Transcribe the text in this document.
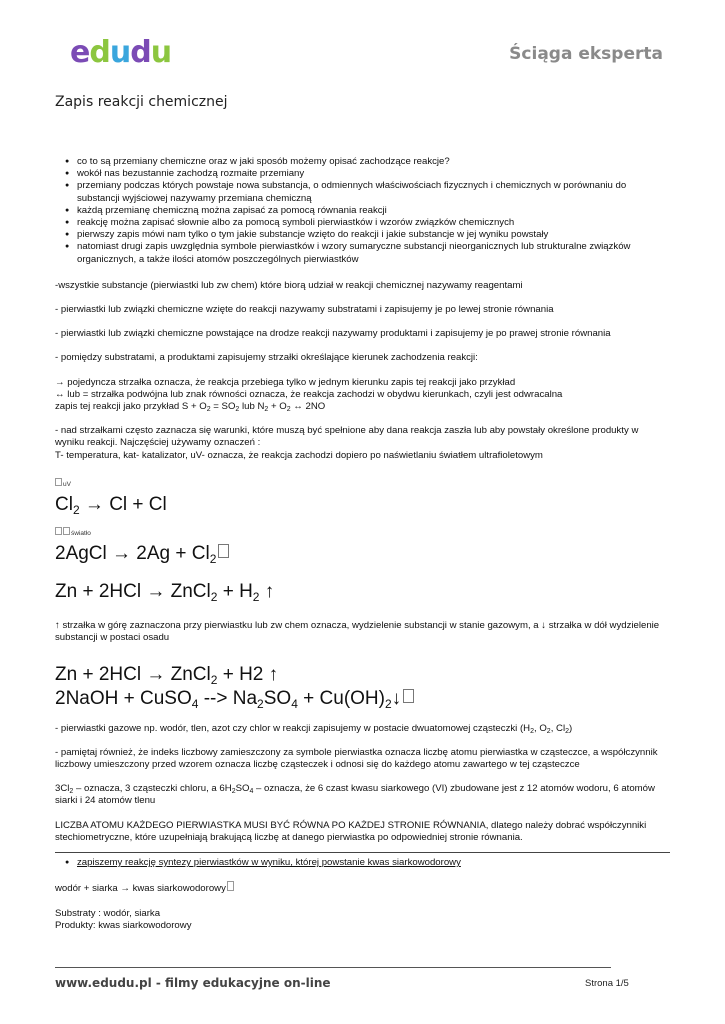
edudu	Ściąga eksperta
Zapis reakcji chemicznej
● co to są przemiany chemiczne oraz w jaki sposób możemy opisać zachodzące reakcje?
● wokół nas bezustannie zachodzą rozmaite przemiany
● przemiany podczas których powstaje nowa substancja, o odmiennych właściwościach fizycznych i chemicznych w porównaniu do substancji wyjściowej nazywamy przemiana chemiczną
● każdą przemianę chemiczną można zapisać za pomocą równania reakcji
● reakcję można zapisać słownie albo za pomocą symboli pierwiastków i wzorów związków chemicznych
● pierwszy zapis mówi nam tylko o tym jakie substancje wzięto do reakcji i jakie substancje w jej wyniku powstały
● natomiast drugi zapis uwzględnia symbole pierwiastków i wzory sumaryczne substancji nieorganicznych lub strukturalne związków organicznych, a także ilości atomów poszczególnych pierwiastków

-wszystkie substancje (pierwiastki lub zw chem) które biorą udział w reakcji chemicznej nazywamy reagentami

- pierwiastki lub związki chemiczne wzięte do reakcji nazywamy substratami i zapisujemy je po lewej stronie równania

- pierwiastki lub związki chemiczne powstające na drodze reakcji nazywamy produktami i zapisujemy je po prawej stronie równania

- pomiędzy substratami, a produktami zapisujemy strzałki określające kierunek zachodzenia reakcji:

→ pojedyncza strzałka oznacza, że reakcja przebiega tylko w jednym kierunku zapis tej reakcji jako przykład
↔ lub = strzałka podwójna lub znak równości oznacza, że reakcja zachodzi w obydwu kierunkach, czyli jest odwracalna
zapis tej reakcji jako przykład $S + O_2 = SO_2$ lub $N_2 + O_2$ ↔ 2NO
- nad strzałkami często zaznacza się warunki, które muszą być spełnione aby dana reakcja zaszła lub aby powstały określone produkty w wyniku reakcji. Najczęściej używamy oznaczeń :
T- temperatura, kat- katalizator, uV- oznacza, że reakcja zachodzi dopiero po naświetlaniu światłem ultrafioletowym
uV
$Cl_2 \to Cl + Cl$
światło
2AgCl → $2Ag + Cl_2$
Zn + 2HCl → ZnCl$_2$ + $H_2$ ↑

↑ strzałka w górę zaznaczona przy pierwiastku lub zw chem oznacza, wydzielenie substancji w stanie gazowym, a ↓ strzałka w dół wydzielenie substancji w postaci osadu

Zn + 2HCl → ZnCl$_2$ + H2 ↑
2NaOH + CuSO$_4$ --> $Na_2SO_4$ + $Cu(OH)_2↓$

- pierwiastki gazowe np. wodór, tlen, azot czy chlor w reakcji zapisujemy w postacie dwuatomowej cząsteczki ($H_2$, $O_2$, $Cl_2$)

- pamiętaj również, że indeks liczbowy zamieszczony za symbole pierwiastka oznacza liczbę atomu pierwiastka w cząsteczce, a współczynnik liczbowy umieszczony przed wzorem oznacza liczbę cząsteczek i odnosi się do każdego atomu zawartego w tej cząsteczce

$3Cl_2$ – oznacza, 3 cząsteczki chloru, a $6H_2SO_4$ – oznacza, że 6 czast kwasu siarkowego (VI) zbudowane jest z 12 atomów wodoru, 6 atomów siarki i 24 atomów tlenu

LICZBA ATOMU KAŻDEGO PIERWIASTKA MUSI BYĆ RÓWNA PO KAŻDEJ STRONIE RÓWNANIA, dlatego należy dobrać współczynniki stechiometryczne, które uzupełniają brakującą liczbę at danego pierwiastka po odpowiedniej stronie równania.

● zapiszemy reakcję syntezy pierwiastków w wyniku, której powstanie kwas siarkowodorowy

wodór + siarka → kwas siarkowodorowy

Substraty : wodór, siarka
Produkty: kwas siarkowodorowy
www.edudu.pl - filmy edukacyjne on-line	Strona 1/5
